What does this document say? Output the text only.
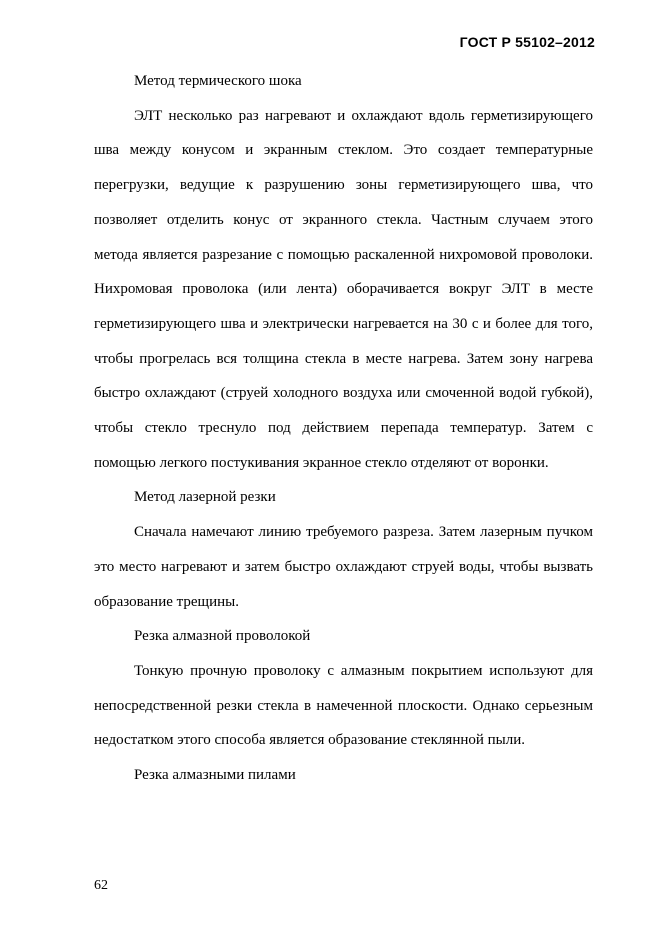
ГОСТ Р 55102–2012

Метод термического шока

ЭЛТ несколько раз нагревают и охлаждают вдоль герметизирующего шва между конусом и экранным стеклом. Это создает температурные перегрузки, ведущие к разрушению зоны герметизирующего шва, что позволяет отделить конус от экранного стекла. Частным случаем этого метода является разрезание с помощью раскаленной нихромовой проволоки. Нихромовая проволока (или лента) оборачивается вокруг ЭЛТ в месте герметизирующего шва и электрически нагревается на 30 с и более для того, чтобы прогрелась вся толщина стекла в месте нагрева. Затем зону нагрева быстро охлаждают (струей холодного воздуха или смоченной водой губкой), чтобы стекло треснуло под действием перепада температур. Затем с помощью легкого постукивания экранное стекло отделяют от воронки.

Метод лазерной резки

Сначала намечают линию требуемого разреза. Затем лазерным пучком это место нагревают и затем быстро охлаждают струей воды, чтобы вызвать образование трещины.

Резка алмазной проволокой

Тонкую прочную проволоку с алмазным покрытием используют для непосредственной резки стекла в намеченной плоскости. Однако серьезным недостатком этого способа является образование стеклянной пыли.

Резка алмазными пилами

62
